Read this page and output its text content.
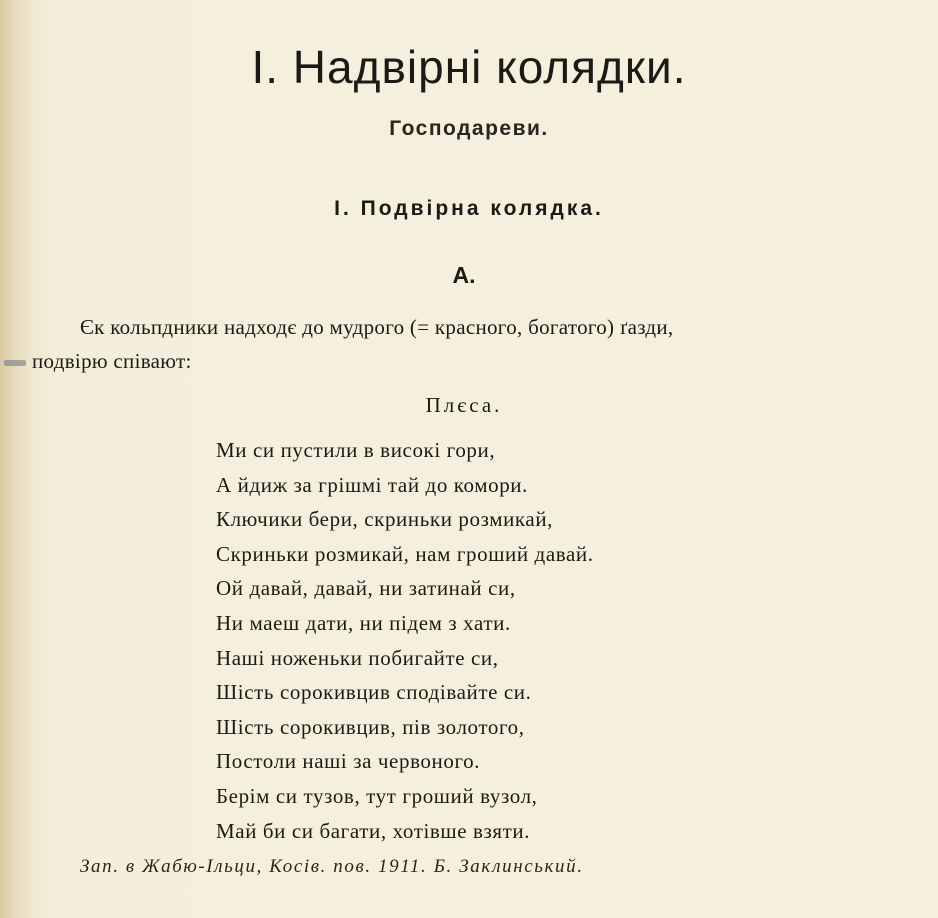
I. Надвірні колядки.
Господареви.
I. Подвірна колядка.
А.
Єк кольпдники надходє до мудрого (= красного, богатого) ґазди,
подвірю співают:
Плєса.
Ми си пустили в високі гори,
А йдиж за грішмі тай до комори.
Ключики бери, скриньки розмикай,
Скриньки розмикай, нам гроший давай.
Ой давай, давай, ни затинай си,
Ни маеш дати, ни підем з хати.
Наші ноженьки побигайте си,
Шість сорокивцив сподівайте си.
Шість сорокивцив, пів золотого,
Постоли наші за червоного.
Берім си тузов, тут гроший вузол,
Май би си багати, хотівше взяти.
Зап. в Жабю-Ільци, Косів. пов. 1911. Б. Заклинський.
